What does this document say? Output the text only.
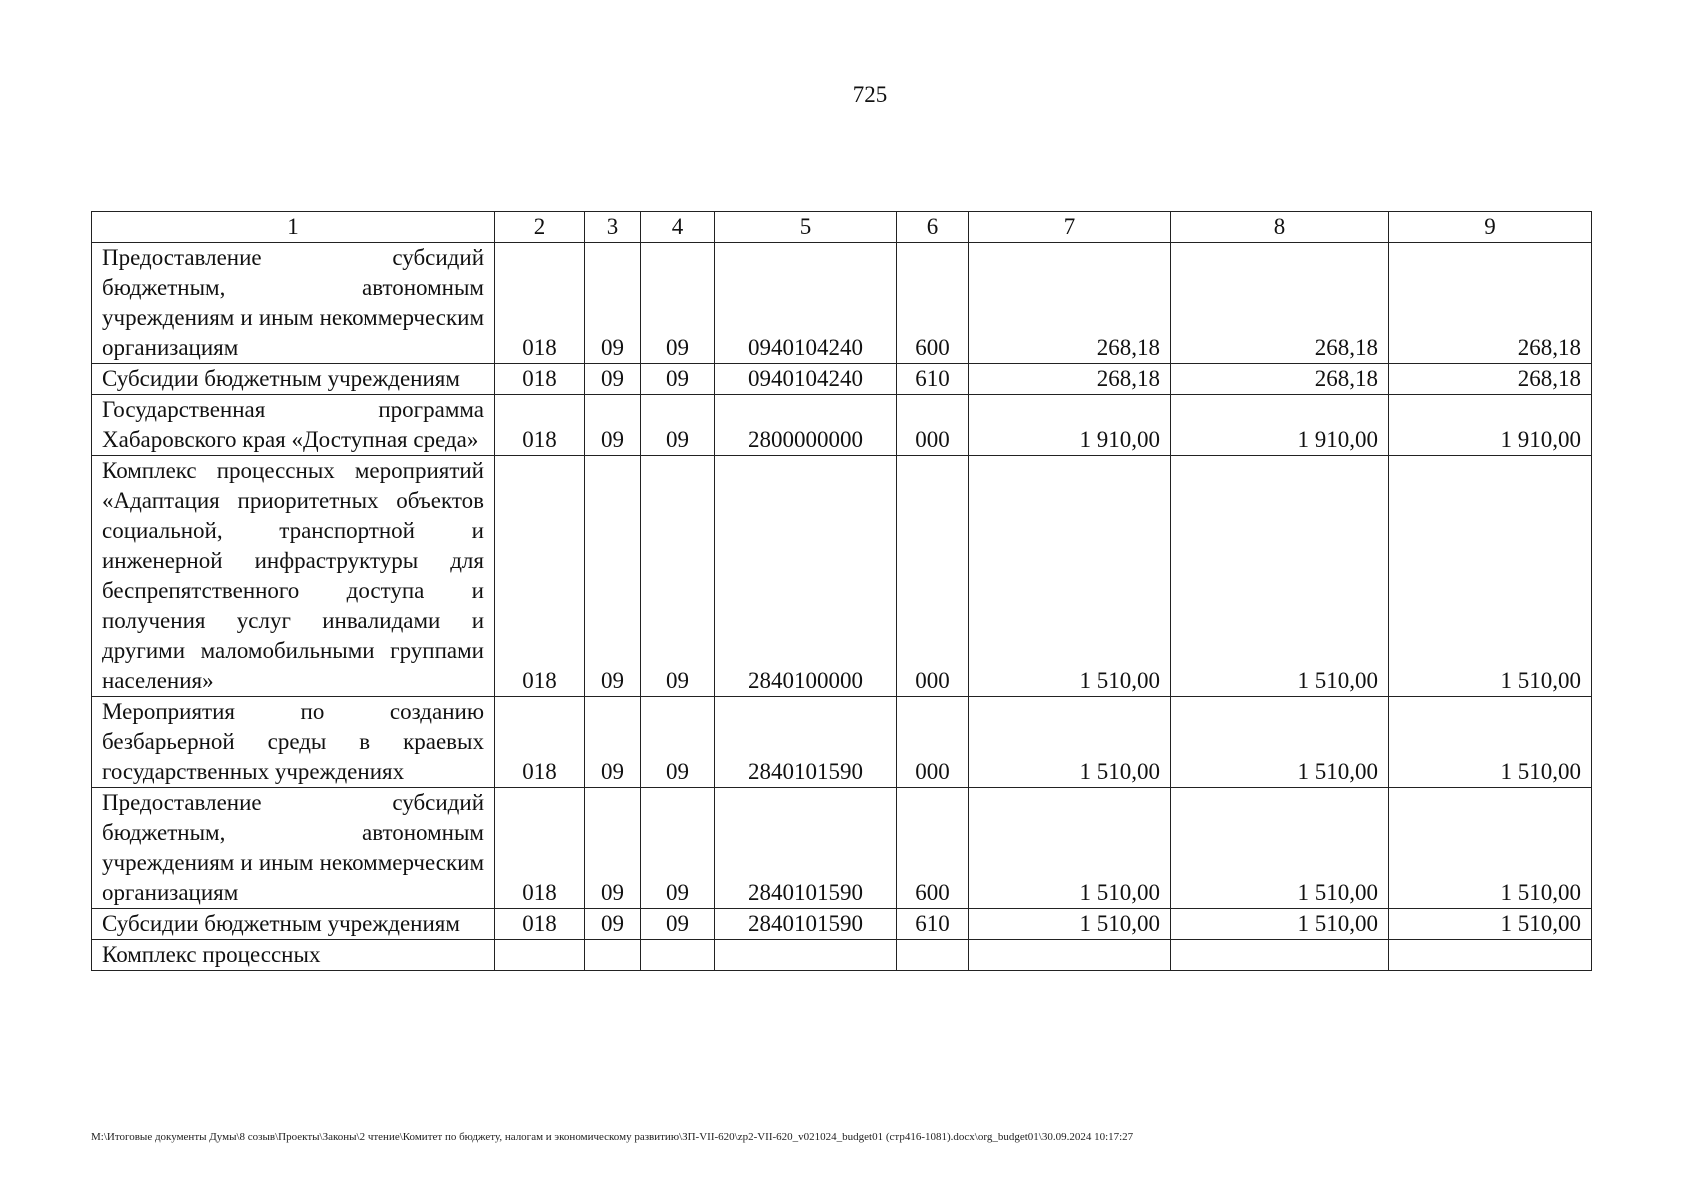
725
1	2	3	4	5	6	7	8	9
Предоставление субсидий бюджетным, автономным учреждениям и иным некоммерческим организациям	018	09	09	0940104240	600	268,18	268,18	268,18
Субсидии бюджетным учреждениям	018	09	09	0940104240	610	268,18	268,18	268,18
Государственная программа Хабаровского края «Доступная среда»	018	09	09	2800000000	000	1 910,00	1 910,00	1 910,00
Комплекс процессных мероприятий «Адаптация приоритетных объектов социальной, транспортной и инженерной инфраструктуры для беспрепятственного доступа и получения услуг инвалидами и другими маломобильными группами населения»	018	09	09	2840100000	000	1 510,00	1 510,00	1 510,00
Мероприятия по созданию безбарьерной среды в краевых государственных учреждениях	018	09	09	2840101590	000	1 510,00	1 510,00	1 510,00
Предоставление субсидий бюджетным, автономным учреждениям и иным некоммерческим организациям	018	09	09	2840101590	600	1 510,00	1 510,00	1 510,00
Субсидии бюджетным учреждениям	018	09	09	2840101590	610	1 510,00	1 510,00	1 510,00
Комплекс процессных								
M:\Итоговые документы Думы\8 созыв\Проекты\Законы\2 чтение\Комитет по бюджету, налогам и экономическому развитию\ЗП-VII-620\zp2-VII-620_v021024_budget01 (стр416-1081).docx\org_budget01\30.09.2024 10:17:27
